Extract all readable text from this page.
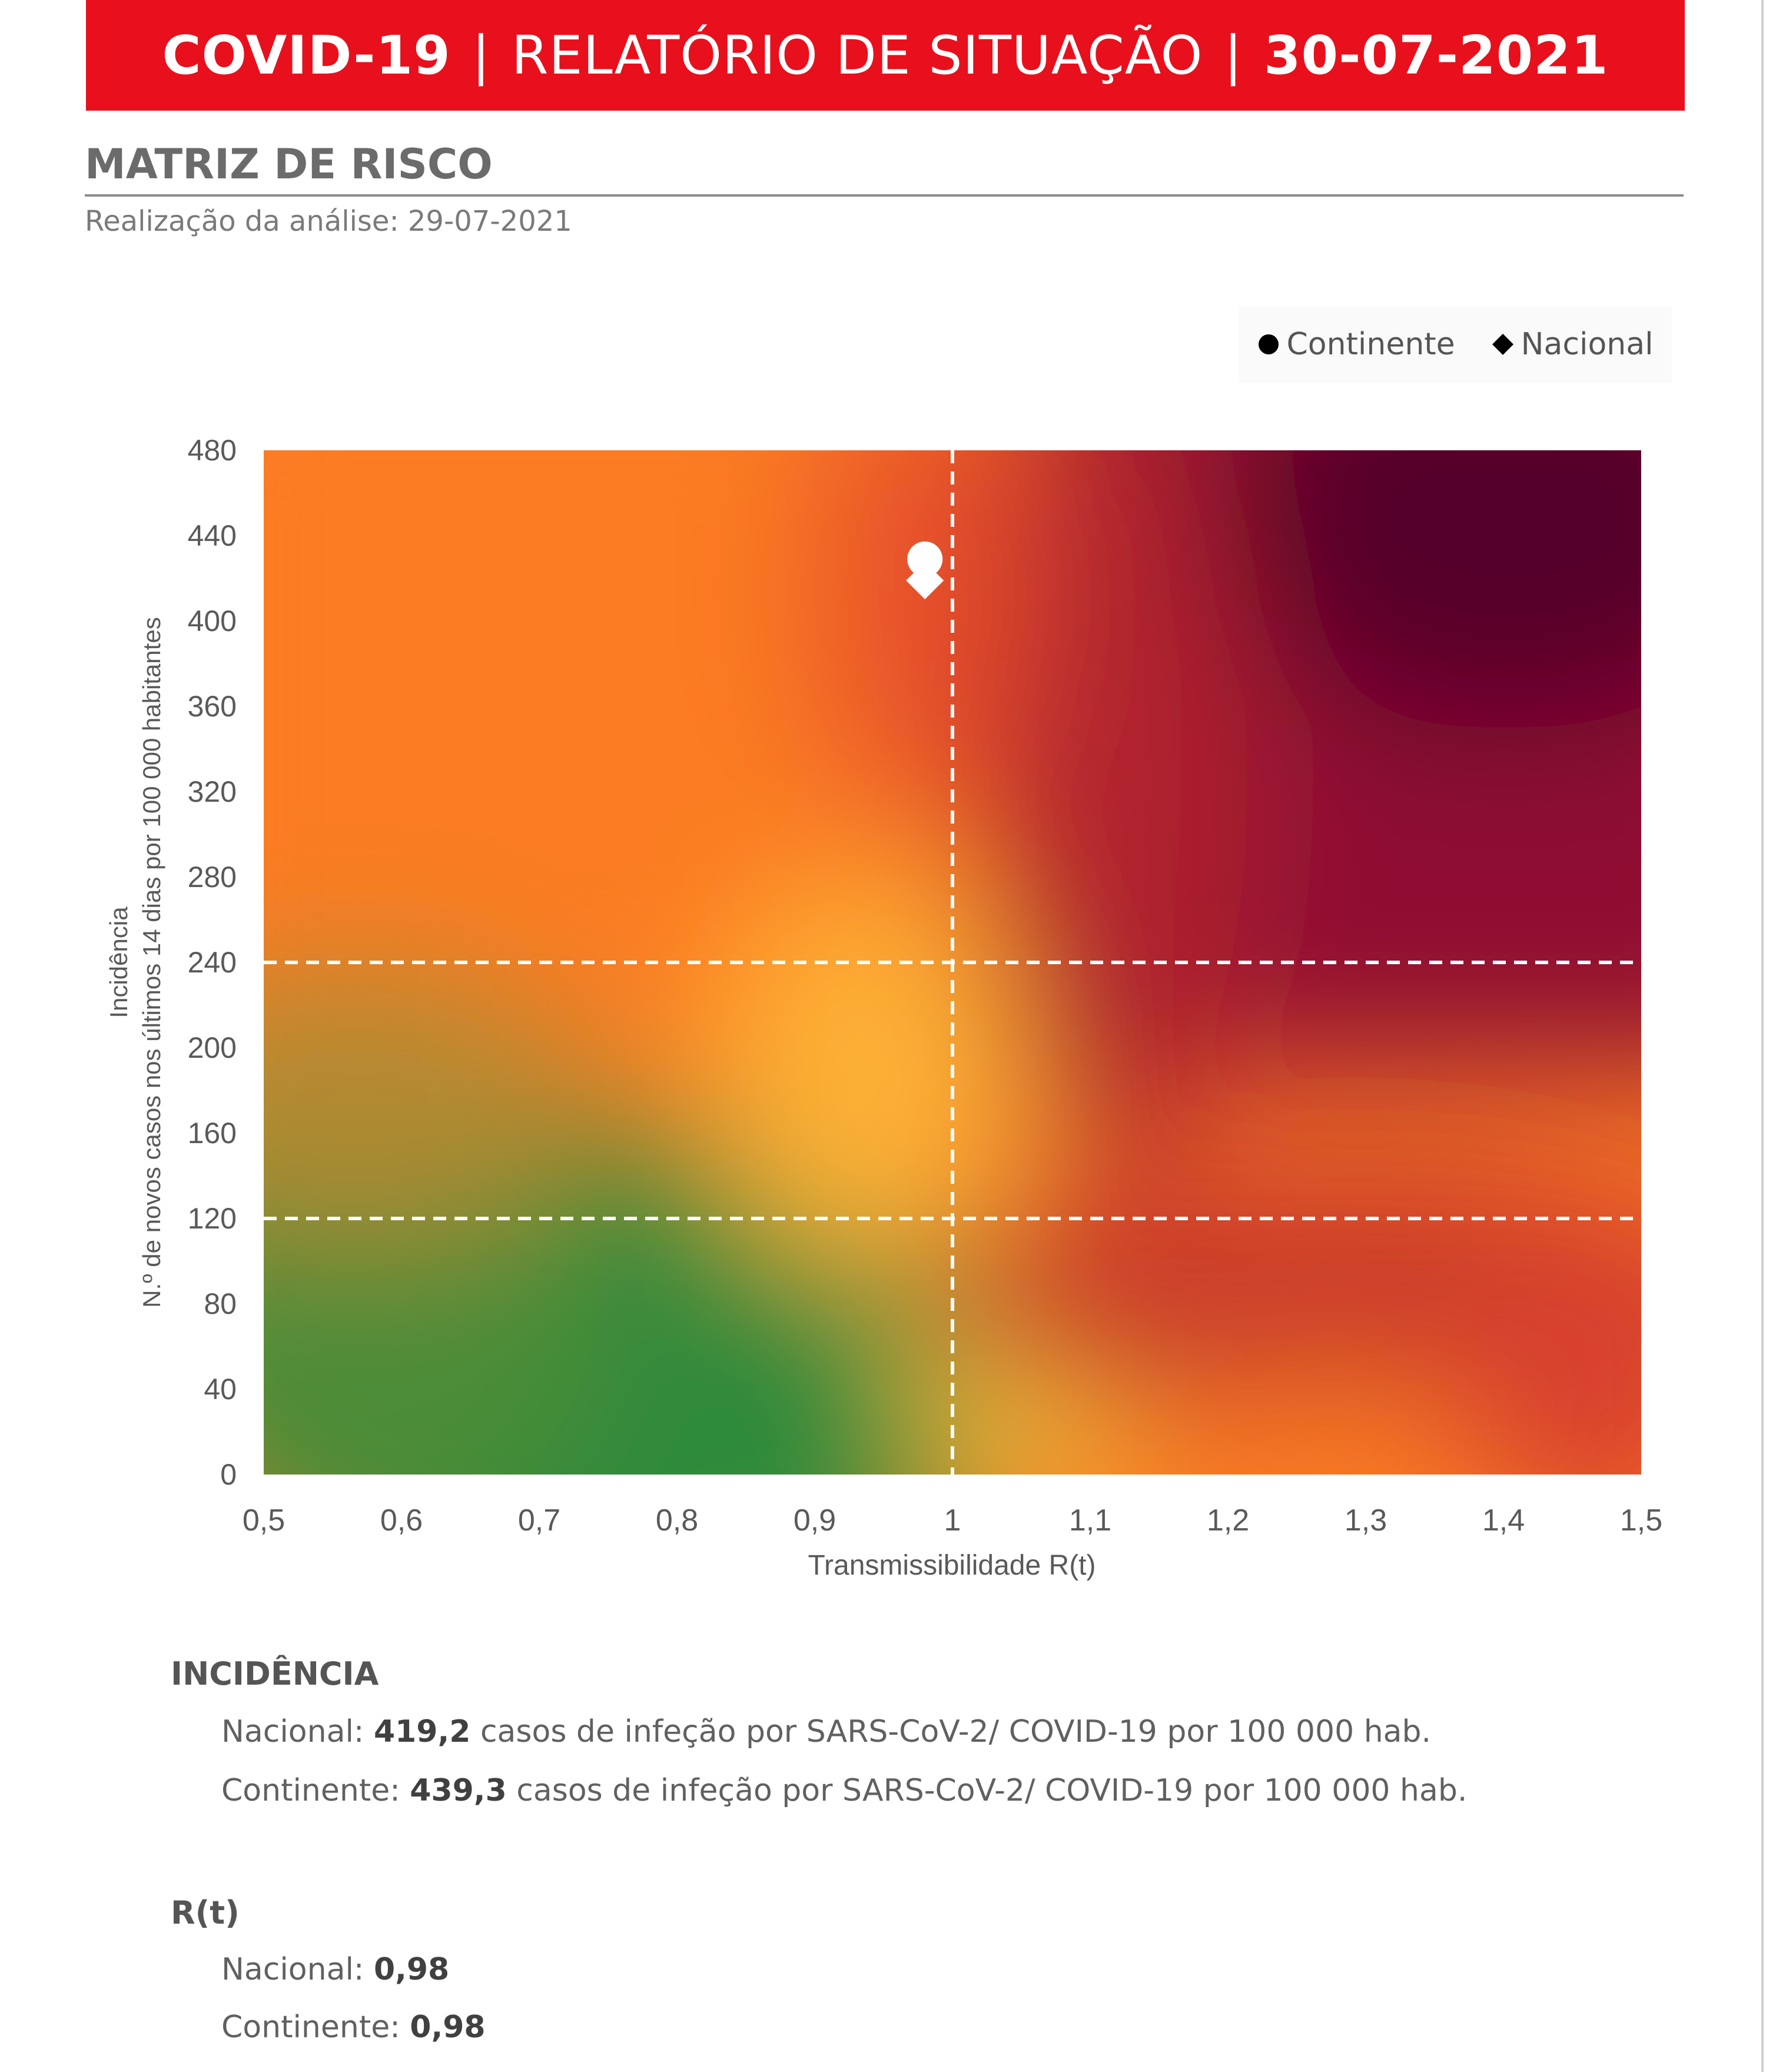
COVID-19 | RELATÓRIO DE SITUAÇÃO | 30-07-2021
MATRIZ DE RISCO
Realização da análise: 29-07-2021
Continente Nacional
0
40
80
120
160
200
240
280
320
360
400
440
480
0,5	0,6	0,7	0,8	0,9	1	1,1	1,2	1,3	1,4	1,5
Transmissibilidade R(t)
Incidência N.º de novos casos nos últimos 14 dias por 100 000 habitantes
INCIDÊNCIA
Nacional: 419,2 casos de infeção por SARS-CoV-2/ COVID-19 por 100 000 hab.
Continente: 439,3 casos de infeção por SARS-CoV-2/ COVID-19 por 100 000 hab.
R(t)
Nacional: 0,98
Continente: 0,98
